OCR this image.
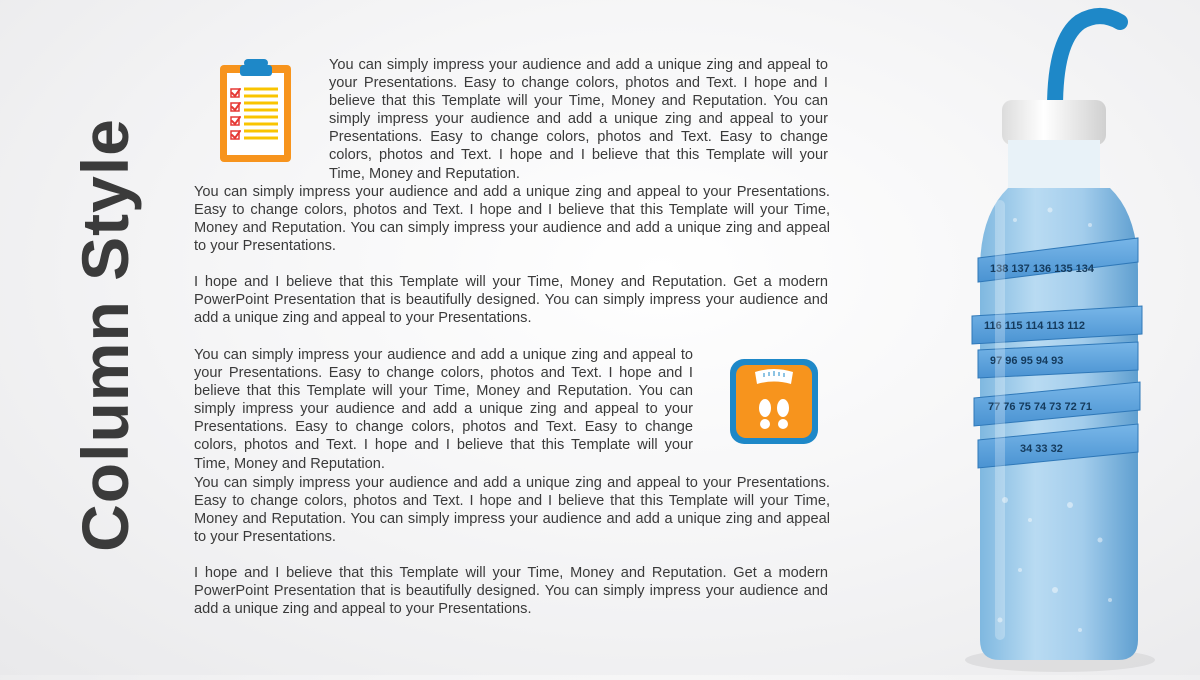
Column Style

You can simply impress your audience and add a unique zing and appeal to your Presentations. Easy to change colors, photos and Text. I hope and I believe that this Template will your Time, Money and Reputation. You can simply impress your audience and add a unique zing and appeal to your Presentations. Easy to change colors, photos and Text. Easy to change colors, photos and Text. I hope and I believe that this Template will your Time, Money and Reputation.

You can simply impress your audience and add a unique zing and appeal to your Presentations. Easy to change colors, photos and Text. I hope and I believe that this Template will your Time, Money and Reputation. You can simply impress your audience and add a unique zing and appeal to your Presentations.

I hope and I believe that this Template will your Time, Money and Reputation. Get a modern PowerPoint Presentation that is beautifully designed. You can simply impress your audience and add a unique zing and appeal to your Presentations.

You can simply impress your audience and add a unique zing and appeal to your Presentations. Easy to change colors, photos and Text. I hope and I believe that this Template will your Time, Money and Reputation. You can simply impress your audience and add a unique zing and appeal to your Presentations. Easy to change colors, photos and Text. Easy to change colors, photos and Text. I hope and I believe that this Template will your Time, Money and Reputation.

You can simply impress your audience and add a unique zing and appeal to your Presentations. Easy to change colors, photos and Text. I hope and I believe that this Template will your Time, Money and Reputation. You can simply impress your audience and add a unique zing and appeal to your Presentations.

I hope and I believe that this Template will your Time, Money and Reputation. Get a modern PowerPoint Presentation that is beautifully designed. You can simply impress your audience and add a unique zing and appeal to your Presentations.

138 137 136 135 134
116 115 114 113 112
97 96 95 94 93
77 76 75 74 73 72 71
34 33 32
